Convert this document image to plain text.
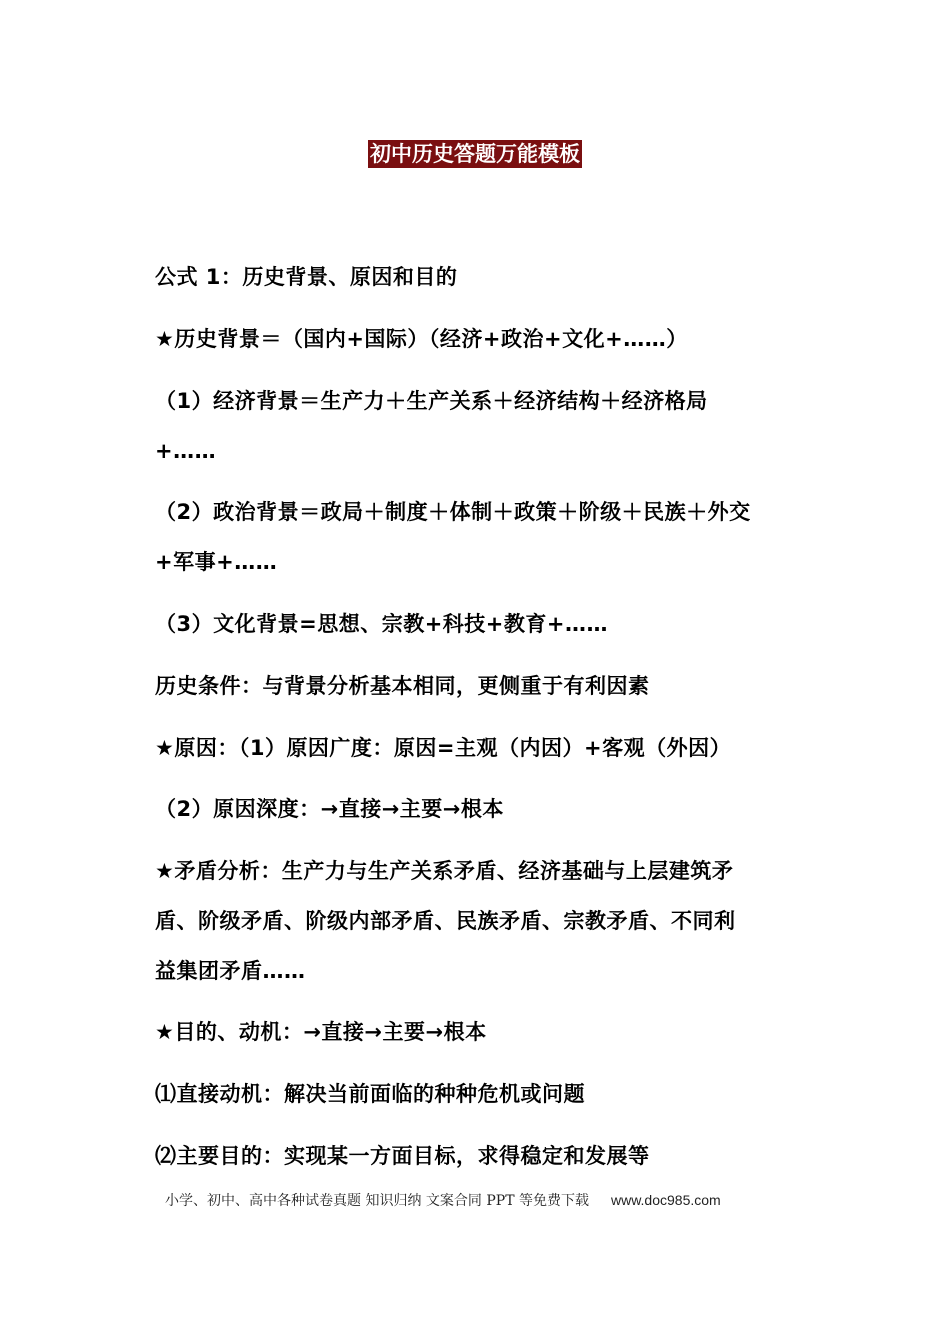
初中历史答题万能模板
公式 1：历史背景、原因和目的
★历史背景＝（国内+国际）（经济+政治+文化+……）
（1）经济背景＝生产力＋生产关系＋经济结构＋经济格局
+……
（2）政治背景＝政局＋制度＋体制＋政策＋阶级＋民族＋外交
+军事+……
（3）文化背景=思想、宗教+科技+教育+……
历史条件：与背景分析基本相同，更侧重于有利因素
★原因：（1）原因广度：原因=主观（内因）+客观（外因）
（2）原因深度：→直接→主要→根本
★矛盾分析：生产力与生产关系矛盾、经济基础与上层建筑矛
盾、阶级矛盾、阶级内部矛盾、民族矛盾、宗教矛盾、不同利
益集团矛盾……
★目的、动机：→直接→主要→根本
⑴直接动机：解决当前面临的种种危机或问题
⑵主要目的：实现某一方面目标，求得稳定和发展等
小学、初中、高中各种试卷真题 知识归纳 文案合同 PPT 等免费下载 www.doc985.com
